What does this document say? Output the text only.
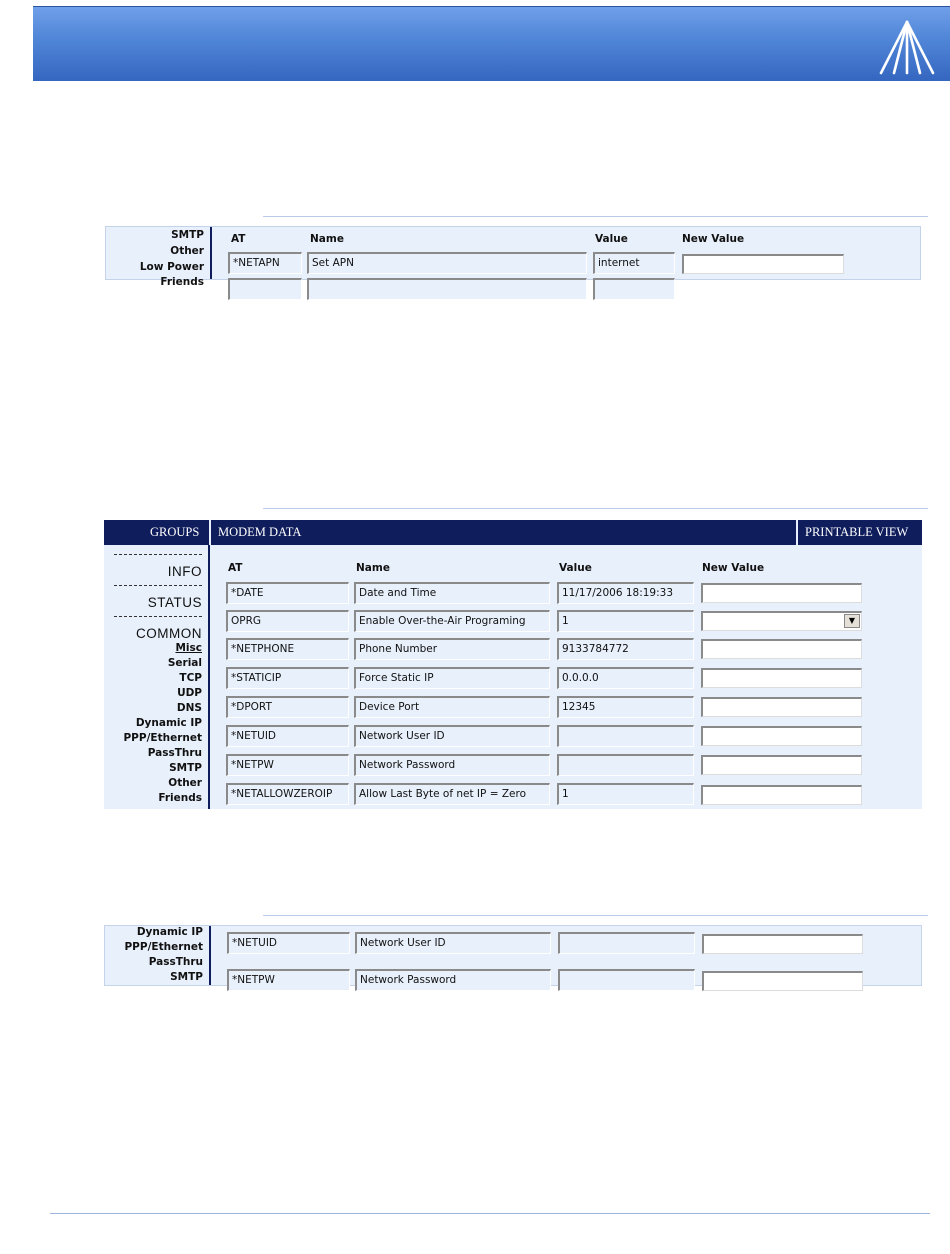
SMTP
Other
Low Power
Friends
AT	Name	Value	New Value
*NETAPN	Set APN	internet
GROUPS MODEM DATA	PRINTABLE VIEW
INFO
STATUS
COMMON
Misc
Serial
TCP
UDP
DNS
Dynamic IP
PPP/Ethernet
PassThru
SMTP
Other
Friends
AT	Name	Value	New Value
*DATE	Date and Time	11/17/2006 18:19:33
OPRG	Enable Over-the-Air Programing	1	▼
*NETPHONE	Phone Number	9133784772
*STATICIP	Force Static IP	0.0.0.0
*DPORT	Device Port	12345
*NETUID	Network User ID
*NETPW	Network Password
*NETALLOWZEROIP	Allow Last Byte of net IP = Zero	1
Dynamic IP
PPP/Ethernet
PassThru
SMTP
*NETUID	Network User ID
*NETPW	Network Password
